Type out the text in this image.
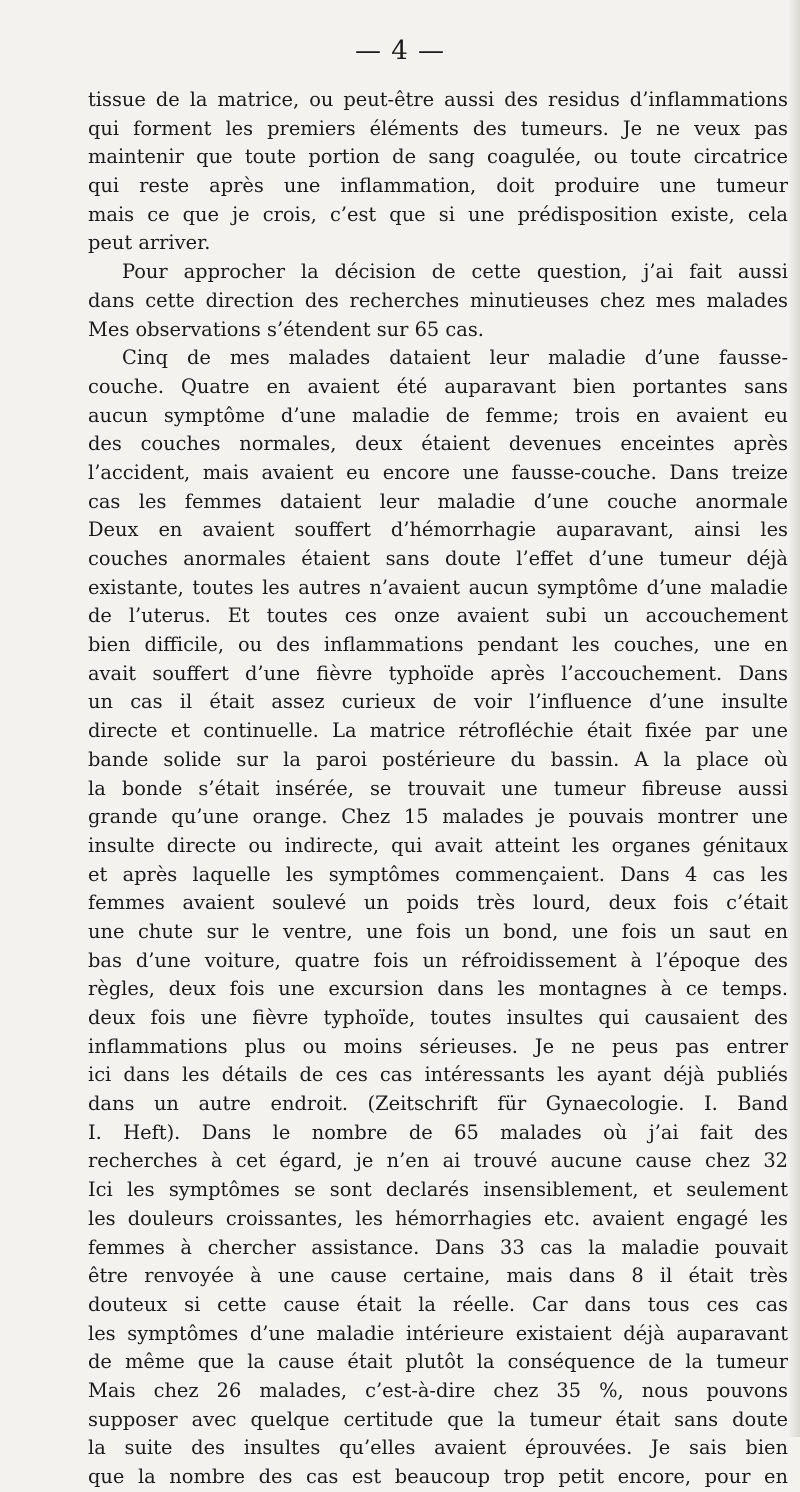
— 4 —
tissue de la matrice, ou peut-être aussi des residus d’inflammations
qui forment les premiers éléments des tumeurs. Je ne veux pas
maintenir que toute portion de sang coagulée, ou toute circatrice
qui reste après une inflammation, doit produire une tumeur
mais ce que je crois, c’est que si une prédisposition existe, cela
peut arriver.
Pour approcher la décision de cette question, j’ai fait aussi
dans cette direction des recherches minutieuses chez mes malades
Mes observations s’étendent sur 65 cas.
Cinq de mes malades dataient leur maladie d’une fausse-
couche. Quatre en avaient été auparavant bien portantes sans
aucun symptôme d’une maladie de femme; trois en avaient eu
des couches normales, deux étaient devenues enceintes après
l’accident, mais avaient eu encore une fausse-couche. Dans treize
cas les femmes dataient leur maladie d’une couche anormale
Deux en avaient souffert d’hémorrhagie auparavant, ainsi les
couches anormales étaient sans doute l’effet d’une tumeur déjà
existante, toutes les autres n’avaient aucun symptôme d’une maladie
de l’uterus. Et toutes ces onze avaient subi un accouchement
bien difficile, ou des inflammations pendant les couches, une en
avait souffert d’une fièvre typhoïde après l’accouchement. Dans
un cas il était assez curieux de voir l’influence d’une insulte
directe et continuelle. La matrice rétrofléchie était fixée par une
bande solide sur la paroi postérieure du bassin. A la place où
la bonde s’était insérée, se trouvait une tumeur fibreuse aussi
grande qu’une orange. Chez 15 malades je pouvais montrer une
insulte directe ou indirecte, qui avait atteint les organes génitaux
et après laquelle les symptômes commençaient. Dans 4 cas les
femmes avaient soulevé un poids très lourd, deux fois c’était
une chute sur le ventre, une fois un bond, une fois un saut en
bas d’une voiture, quatre fois un réfroidissement à l’époque des
règles, deux fois une excursion dans les montagnes à ce temps.
deux fois une fièvre typhoïde, toutes insultes qui causaient des
inflammations plus ou moins sérieuses. Je ne peus pas entrer
ici dans les détails de ces cas intéressants les ayant déjà publiés
dans un autre endroit. (Zeitschrift für Gynaecologie. I. Band
I. Heft). Dans le nombre de 65 malades où j’ai fait des
recherches à cet égard, je n’en ai trouvé aucune cause chez 32
Ici les symptômes se sont declarés insensiblement, et seulement
les douleurs croissantes, les hémorrhagies etc. avaient engagé les
femmes à chercher assistance. Dans 33 cas la maladie pouvait
être renvoyée à une cause certaine, mais dans 8 il était très
douteux si cette cause était la réelle. Car dans tous ces cas
les symptômes d’une maladie intérieure existaient déjà auparavant
de même que la cause était plutôt la conséquence de la tumeur
Mais chez 26 malades, c’est-à-dire chez 35 %, nous pouvons
supposer avec quelque certitude que la tumeur était sans doute
la suite des insultes qu’elles avaient éprouvées. Je sais bien
que la nombre des cas est beaucoup trop petit encore, pour en
